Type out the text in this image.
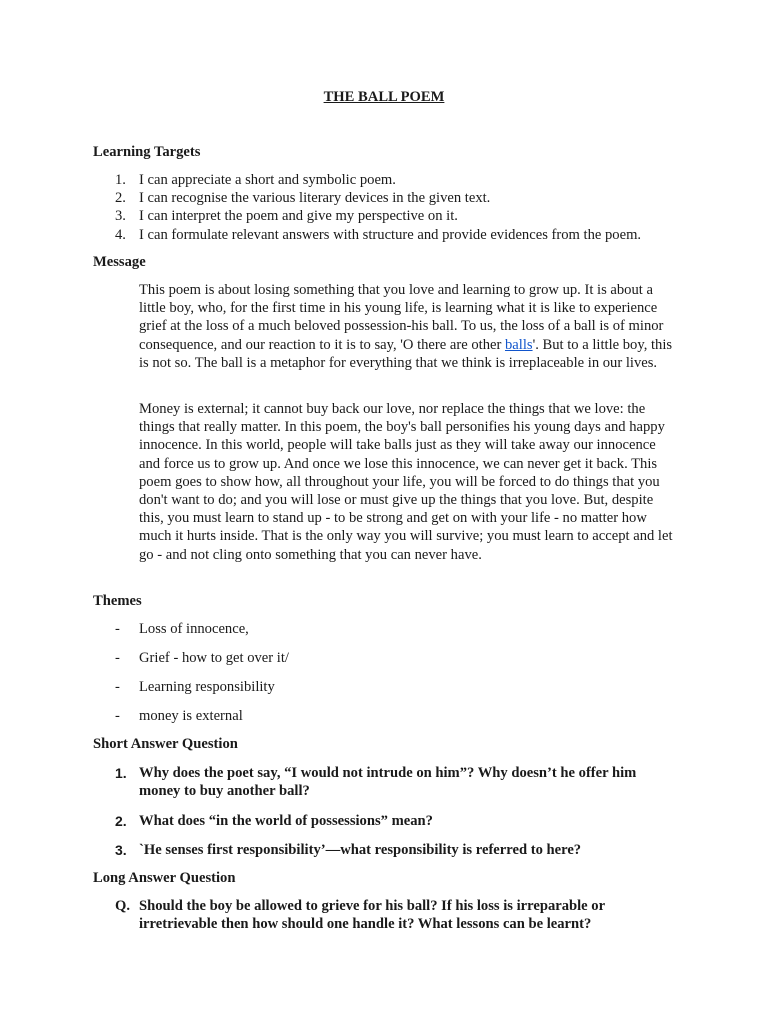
THE BALL POEM
Learning Targets
1. I can appreciate a short and symbolic poem.
2. I can recognise the various literary devices in the given text.
3. I can interpret the poem and give my perspective on it.
4. I can formulate relevant answers with structure and provide evidences from the poem.
Message
This poem is about losing something that you love and learning to grow up. It is about a little boy, who, for the first time in his young life, is learning what it is like to experience grief at the loss of a much beloved possession-his ball. To us, the loss of a ball is of minor consequence, and our reaction to it is to say, 'O there are other balls'. But to a little boy, this is not so. The ball is a metaphor for everything that we think is irreplaceable in our lives.
Money is external; it cannot buy back our love, nor replace the things that we love: the things that really matter. In this poem, the boy's ball personifies his young days and happy innocence. In this world, people will take balls just as they will take away our innocence and force us to grow up. And once we lose this innocence, we can never get it back. This poem goes to show how, all throughout your life, you will be forced to do things that you don't want to do; and you will lose or must give up the things that you love. But, despite this, you must learn to stand up - to be strong and get on with your life - no matter how much it hurts inside. That is the only way you will survive; you must learn to accept and let go - and not cling onto something that you can never have.
Themes
- Loss of innocence,
- Grief - how to get over it/
- Learning responsibility
- money is external
Short Answer Question
1. Why does the poet say, “I would not intrude on him”? Why doesn’t he offer him money to buy another ball?
2. What does “in the world of possessions” mean?
3. `He senses first responsibility’—what responsibility is referred to here?
Long Answer Question
Q. Should the boy be allowed to grieve for his ball? If his loss is irreparable or irretrievable then how should one handle it? What lessons can be learnt?
